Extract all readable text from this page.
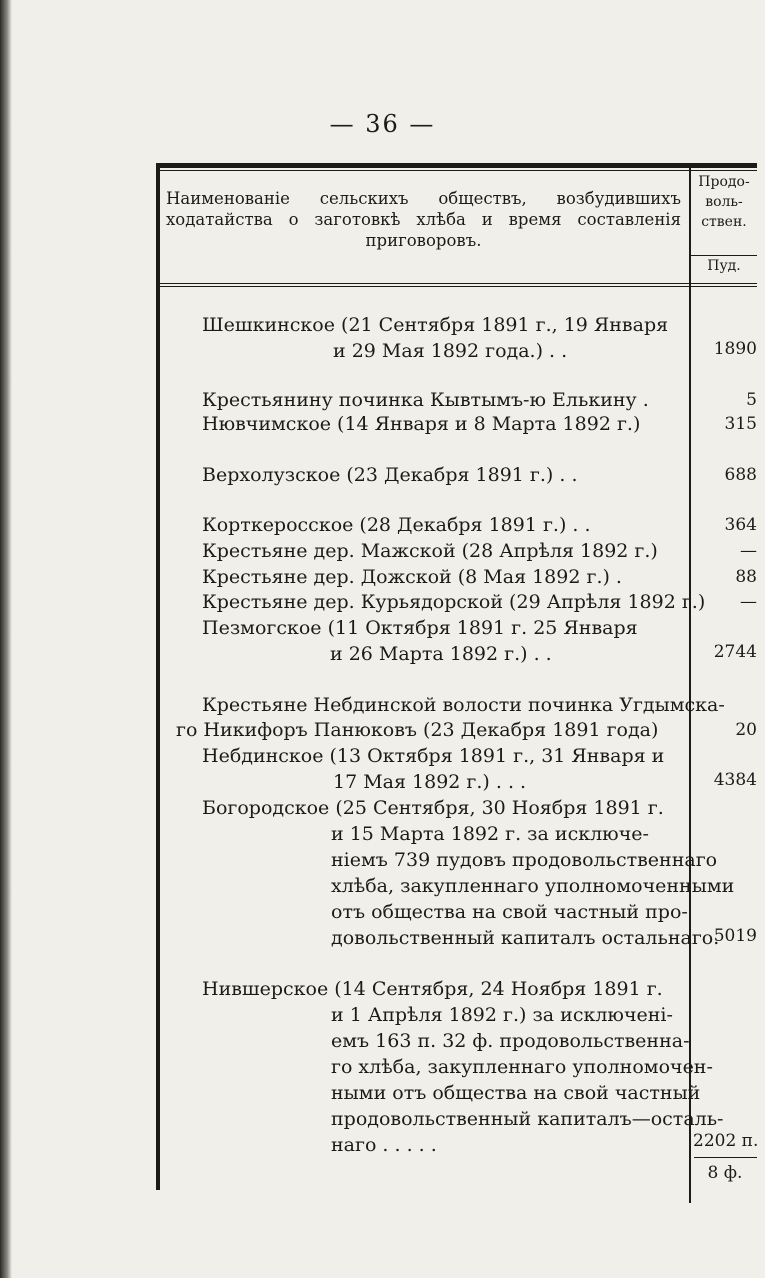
— 36 —
Наименованіе сельскихъ обществъ, возбудившихъ ходатайства о заготовкѣ хлѣба и время составленія приговоровъ.
Продо-
воль-
ствен.
Пуд.
Шешкинское (21 Сентября 1891 г., 19 Января
и 29 Мая 1892 года.) . .
Крестьянину починка Кывтымъ-ю Елькину .
Нювчимское (14 Января и 8 Марта 1892 г.)
Верхолузское (23 Декабря 1891 г.) . .
Корткеросское (28 Декабря 1891 г.) . .
Крестьяне дер. Мажской (28 Апрѣля 1892 г.)
Крестьяне дер. Дожской (8 Мая 1892 г.) .
Крестьяне дер. Курьядорской (29 Апрѣля 1892 г.)
Пезмогское (11 Октября 1891 г. 25 Января
и 26 Марта 1892 г.) . .
Крестьяне Небдинской волости починка Угдымска-
го Никифоръ Панюковъ (23 Декабря 1891 года)
Небдинское (13 Октября 1891 г., 31 Января и
17 Мая 1892 г.) . . .
Богородское (25 Сентября, 30 Ноября 1891 г.
и 15 Марта 1892 г. за исключе-
ніемъ 739 пудовъ продовольственнаго
хлѣба, закупленнаго уполномоченными
отъ общества на свой частный про-
довольственный капиталъ остальнаго.
Нившерское (14 Сентября, 24 Ноября 1891 г.
и 1 Апрѣля 1892 г.) за исключені-
емъ 163 п. 32 ф. продовольственна-
го хлѣба, закупленнаго уполномочен-
ными отъ общества на свой частный
продовольственный капиталъ—осталь-
наго . . . . .
1890
5
315
688
364
—
88
—
2744
20
4384
5019
2202 п.
8 ф.
